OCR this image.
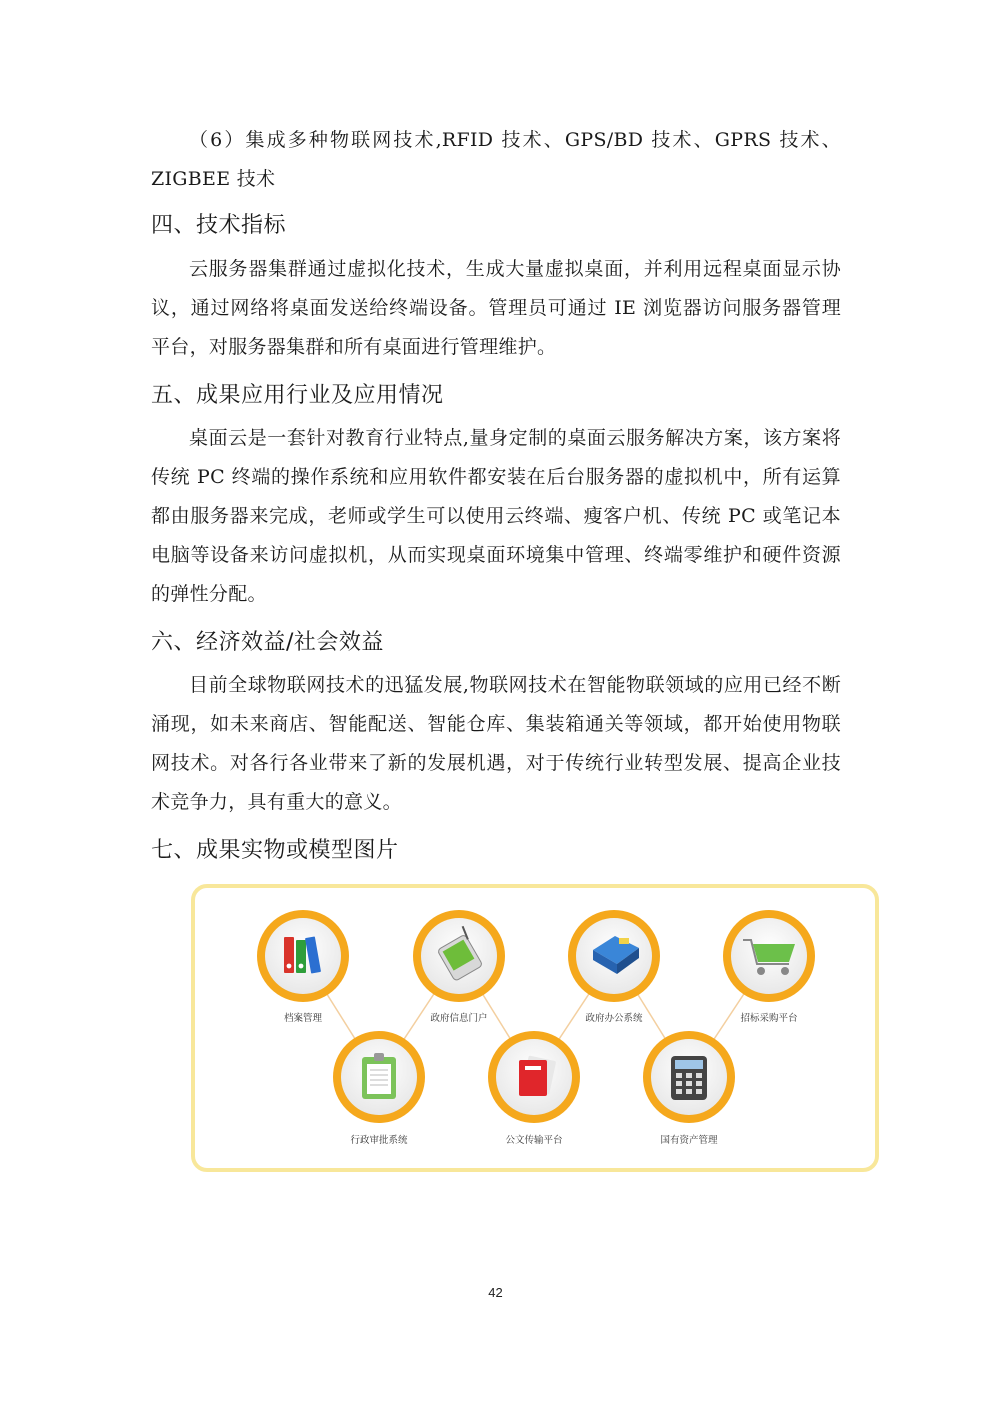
（6）集成多种物联网技术,RFID 技术、GPS/BD 技术、GPRS 技术、ZIGBEE 技术

四、技术指标

云服务器集群通过虚拟化技术，生成大量虚拟桌面，并利用远程桌面显示协议，通过网络将桌面发送给终端设备。管理员可通过 IE 浏览器访问服务器管理平台，对服务器集群和所有桌面进行管理维护。

五、成果应用行业及应用情况

桌面云是一套针对教育行业特点,量身定制的桌面云服务解决方案，该方案将传统 PC 终端的操作系统和应用软件都安装在后台服务器的虚拟机中，所有运算都由服务器来完成，老师或学生可以使用云终端、瘦客户机、传统 PC 或笔记本电脑等设备来访问虚拟机，从而实现桌面环境集中管理、终端零维护和硬件资源的弹性分配。

六、经济效益/社会效益

目前全球物联网技术的迅猛发展,物联网技术在智能物联领域的应用已经不断涌现，如未来商店、智能配送、智能仓库、集装箱通关等领域，都开始使用物联网技术。对各行各业带来了新的发展机遇，对于传统行业转型发展、提高企业技术竞争力，具有重大的意义。

七、成果实物或模型图片
档案管理	政府信息门户	政府办公系统	招标采购平台
行政审批系统	公文传输平台	国有资产管理
42
